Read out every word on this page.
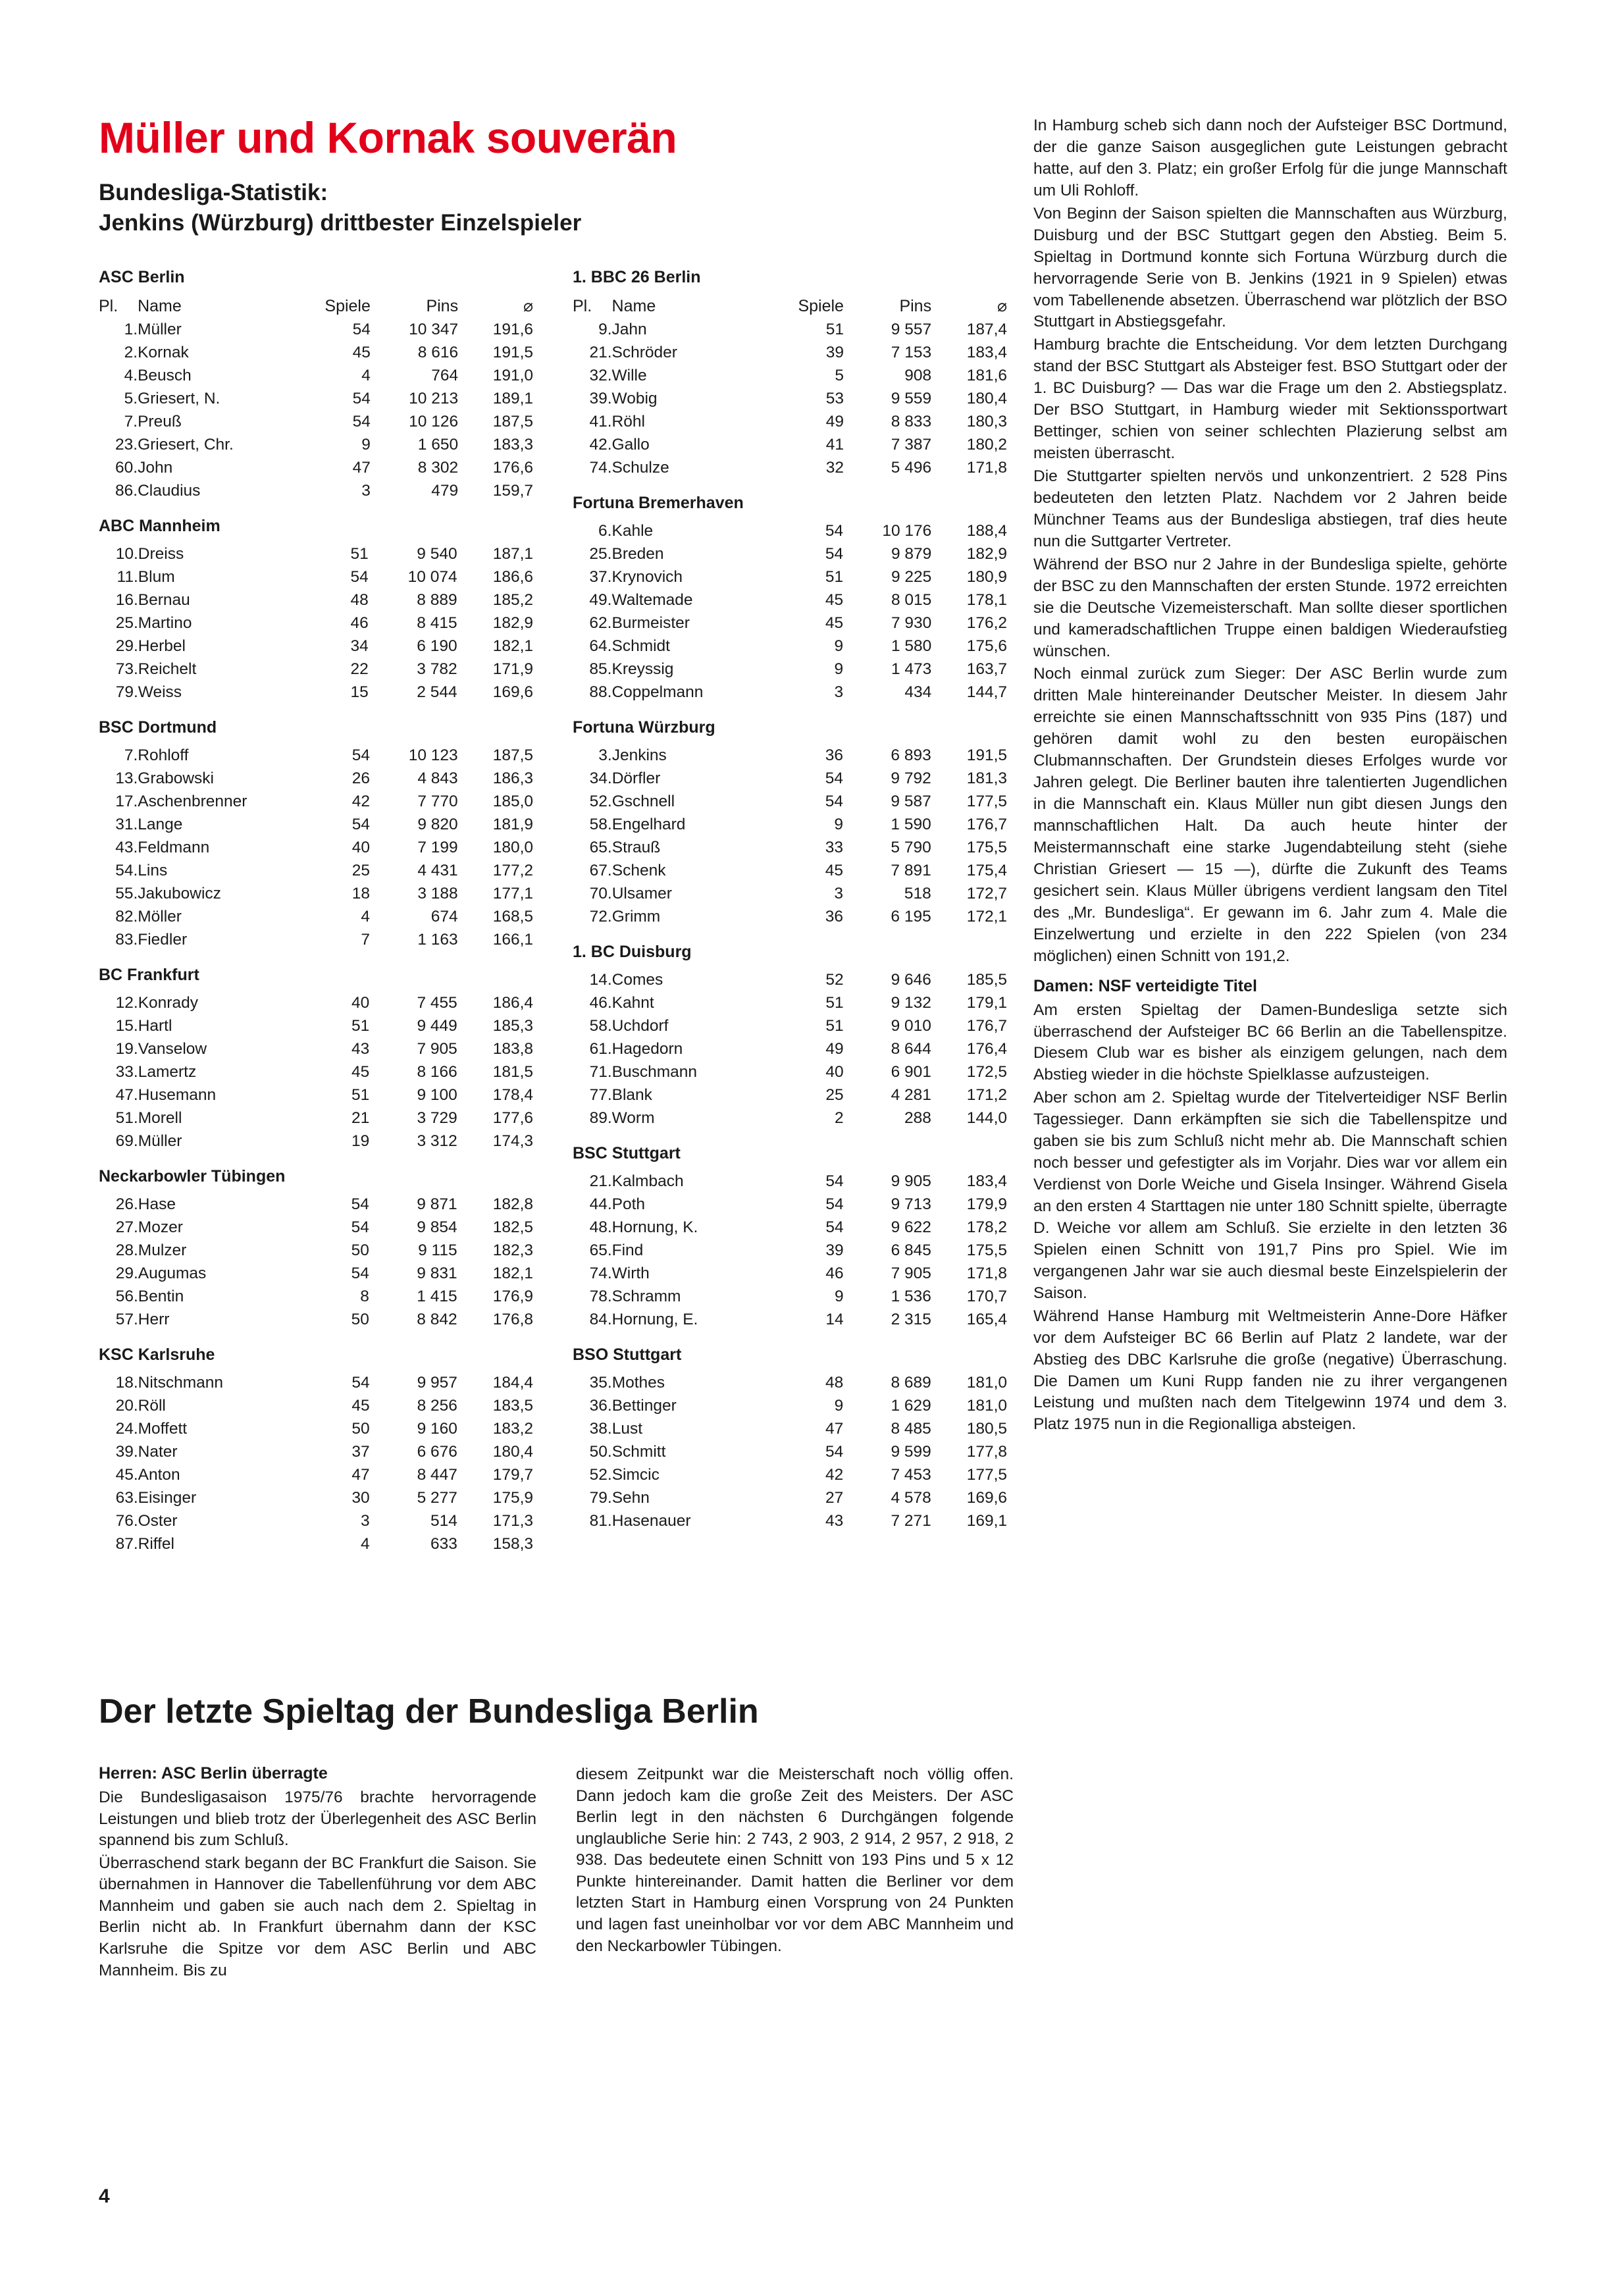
Müller und Kornak souverän
Bundesliga-Statistik:
Jenkins (Würzburg) drittbester Einzelspieler
ASC Berlin
Pl.	Name	Spiele	Pins	⌀
1.	Müller	54	10 347	191,6
2.	Kornak	45	8 616	191,5
4.	Beusch	4	764	191,0
5.	Griesert, N.	54	10 213	189,1
7.	Preuß	54	10 126	187,5
23.	Griesert, Chr.	9	1 650	183,3
60.	John	47	8 302	176,6
86.	Claudius	3	479	159,7
ABC Mannheim
10.	Dreiss	51	9 540	187,1
11.	Blum	54	10 074	186,6
16.	Bernau	48	8 889	185,2
25.	Martino	46	8 415	182,9
29.	Herbel	34	6 190	182,1
73.	Reichelt	22	3 782	171,9
79.	Weiss	15	2 544	169,6
BSC Dortmund
7.	Rohloff	54	10 123	187,5
13.	Grabowski	26	4 843	186,3
17.	Aschenbrenner	42	7 770	185,0
31.	Lange	54	9 820	181,9
43.	Feldmann	40	7 199	180,0
54.	Lins	25	4 431	177,2
55.	Jakubowicz	18	3 188	177,1
82.	Möller	4	674	168,5
83.	Fiedler	7	1 163	166,1
BC Frankfurt
12.	Konrady	40	7 455	186,4
15.	Hartl	51	9 449	185,3
19.	Vanselow	43	7 905	183,8
33.	Lamertz	45	8 166	181,5
47.	Husemann	51	9 100	178,4
51.	Morell	21	3 729	177,6
69.	Müller	19	3 312	174,3
Neckarbowler Tübingen
26.	Hase	54	9 871	182,8
27.	Mozer	54	9 854	182,5
28.	Mulzer	50	9 115	182,3
29.	Augumas	54	9 831	182,1
56.	Bentin	8	1 415	176,9
57.	Herr	50	8 842	176,8
KSC Karlsruhe
18.	Nitschmann	54	9 957	184,4
20.	Röll	45	8 256	183,5
24.	Moffett	50	9 160	183,2
39.	Nater	37	6 676	180,4
45.	Anton	47	8 447	179,7
63.	Eisinger	30	5 277	175,9
76.	Oster	3	514	171,3
87.	Riffel	4	633	158,3
1. BBC 26 Berlin
Pl.	Name	Spiele	Pins	⌀
9.	Jahn	51	9 557	187,4
21.	Schröder	39	7 153	183,4
32.	Wille	5	908	181,6
39.	Wobig	53	9 559	180,4
41.	Röhl	49	8 833	180,3
42.	Gallo	41	7 387	180,2
74.	Schulze	32	5 496	171,8
Fortuna Bremerhaven
6.	Kahle	54	10 176	188,4
25.	Breden	54	9 879	182,9
37.	Krynovich	51	9 225	180,9
49.	Waltemade	45	8 015	178,1
62.	Burmeister	45	7 930	176,2
64.	Schmidt	9	1 580	175,6
85.	Kreyssig	9	1 473	163,7
88.	Coppelmann	3	434	144,7
Fortuna Würzburg
3.	Jenkins	36	6 893	191,5
34.	Dörfler	54	9 792	181,3
52.	Gschnell	54	9 587	177,5
58.	Engelhard	9	1 590	176,7
65.	Strauß	33	5 790	175,5
67.	Schenk	45	7 891	175,4
70.	Ulsamer	3	518	172,7
72.	Grimm	36	6 195	172,1
1. BC Duisburg
14.	Comes	52	9 646	185,5
46.	Kahnt	51	9 132	179,1
58.	Uchdorf	51	9 010	176,7
61.	Hagedorn	49	8 644	176,4
71.	Buschmann	40	6 901	172,5
77.	Blank	25	4 281	171,2
89.	Worm	2	288	144,0
BSC Stuttgart
21.	Kalmbach	54	9 905	183,4
44.	Poth	54	9 713	179,9
48.	Hornung, K.	54	9 622	178,2
65.	Find	39	6 845	175,5
74.	Wirth	46	7 905	171,8
78.	Schramm	9	1 536	170,7
84.	Hornung, E.	14	2 315	165,4
BSO Stuttgart
35.	Mothes	48	8 689	181,0
36.	Bettinger	9	1 629	181,0
38.	Lust	47	8 485	180,5
50.	Schmitt	54	9 599	177,8
52.	Simcic	42	7 453	177,5
79.	Sehn	27	4 578	169,6
81.	Hasenauer	43	7 271	169,1

In Hamburg scheb sich dann noch der Aufsteiger BSC Dortmund, der die ganze Saison ausgeglichen gute Leistungen gebracht hatte, auf den 3. Platz; ein großer Erfolg für die junge Mannschaft um Uli Rohloff.

Von Beginn der Saison spielten die Mannschaften aus Würzburg, Duisburg und der BSC Stuttgart gegen den Abstieg. Beim 5. Spieltag in Dortmund konnte sich Fortuna Würzburg durch die hervorragende Serie von B. Jenkins (1921 in 9 Spielen) etwas vom Tabellenende absetzen. Überraschend war plötzlich der BSO Stuttgart in Abstiegsgefahr.

Hamburg brachte die Entscheidung. Vor dem letzten Durchgang stand der BSC Stuttgart als Absteiger fest. BSO Stuttgart oder der 1. BC Duisburg? — Das war die Frage um den 2. Abstiegsplatz. Der BSO Stuttgart, in Hamburg wieder mit Sektionssportwart Bettinger, schien von seiner schlechten Plazierung selbst am meisten überrascht.

Die Stuttgarter spielten nervös und unkonzentriert. 2 528 Pins bedeuteten den letzten Platz. Nachdem vor 2 Jahren beide Münchner Teams aus der Bundesliga abstiegen, traf dies heute nun die Suttgarter Vertreter.

Während der BSO nur 2 Jahre in der Bundesliga spielte, gehörte der BSC zu den Mannschaften der ersten Stunde. 1972 erreichten sie die Deutsche Vizemeisterschaft. Man sollte dieser sportlichen und kameradschaftlichen Truppe einen baldigen Wiederaufstieg wünschen.

Noch einmal zurück zum Sieger: Der ASC Berlin wurde zum dritten Male hintereinander Deutscher Meister. In diesem Jahr erreichte sie einen Mannschaftsschnitt von 935 Pins (187) und gehören damit wohl zu den besten europäischen Clubmannschaften. Der Grundstein dieses Erfolges wurde vor Jahren gelegt. Die Berliner bauten ihre talentierten Jugendlichen in die Mannschaft ein. Klaus Müller nun gibt diesen Jungs den mannschaftlichen Halt. Da auch heute hinter der Meistermannschaft eine starke Jugendabteilung steht (siehe Christian Griesert — 15 —), dürfte die Zukunft des Teams gesichert sein. Klaus Müller übrigens verdient langsam den Titel des „Mr. Bundesliga“. Er gewann im 6. Jahr zum 4. Male die Einzelwertung und erzielte in den 222 Spielen (von 234 möglichen) einen Schnitt von 191,2.

Damen: NSF verteidigte Titel

Am ersten Spieltag der Damen-Bundesliga setzte sich überraschend der Aufsteiger BC 66 Berlin an die Tabellenspitze. Diesem Club war es bisher als einzigem gelungen, nach dem Abstieg wieder in die höchste Spielklasse aufzusteigen.

Aber schon am 2. Spieltag wurde der Titelverteidiger NSF Berlin Tagessieger. Dann erkämpften sie sich die Tabellenspitze und gaben sie bis zum Schluß nicht mehr ab. Die Mannschaft schien noch besser und gefestigter als im Vorjahr. Dies war vor allem ein Verdienst von Dorle Weiche und Gisela Insinger. Während Gisela an den ersten 4 Starttagen nie unter 180 Schnitt spielte, überragte D. Weiche vor allem am Schluß. Sie erzielte in den letzten 36 Spielen einen Schnitt von 191,7 Pins pro Spiel. Wie im vergangenen Jahr war sie auch diesmal beste Einzelspielerin der Saison.

Während Hanse Hamburg mit Weltmeisterin Anne-Dore Häfker vor dem Aufsteiger BC 66 Berlin auf Platz 2 landete, war der Abstieg des DBC Karlsruhe die große (negative) Überraschung. Die Damen um Kuni Rupp fanden nie zu ihrer vergangenen Leistung und mußten nach dem Titelgewinn 1974 und dem 3. Platz 1975 nun in die Regionalliga absteigen.

Der letzte Spieltag der Bundesliga Berlin
Herren: ASC Berlin überragte

Die Bundesligasaison 1975/76 brachte hervorragende Leistungen und blieb trotz der Überlegenheit des ASC Berlin spannend bis zum Schluß.

Überraschend stark begann der BC Frankfurt die Saison. Sie übernahmen in Hannover die Tabellenführung vor dem ABC Mannheim und gaben sie auch nach dem 2. Spieltag in Berlin nicht ab. In Frankfurt übernahm dann der KSC Karlsruhe die Spitze vor dem ASC Berlin und ABC Mannheim. Bis zu

diesem Zeitpunkt war die Meisterschaft noch völlig offen. Dann jedoch kam die große Zeit des Meisters. Der ASC Berlin legt in den nächsten 6 Durchgängen folgende unglaubliche Serie hin: 2 743, 2 903, 2 914, 2 957, 2 918, 2 938. Das bedeutete einen Schnitt von 193 Pins und 5 x 12 Punkte hintereinander. Damit hatten die Berliner vor dem letzten Start in Hamburg einen Vorsprung von 24 Punkten und lagen fast uneinholbar vor vor dem ABC Mannheim und den Neckarbowler Tübingen.

4
